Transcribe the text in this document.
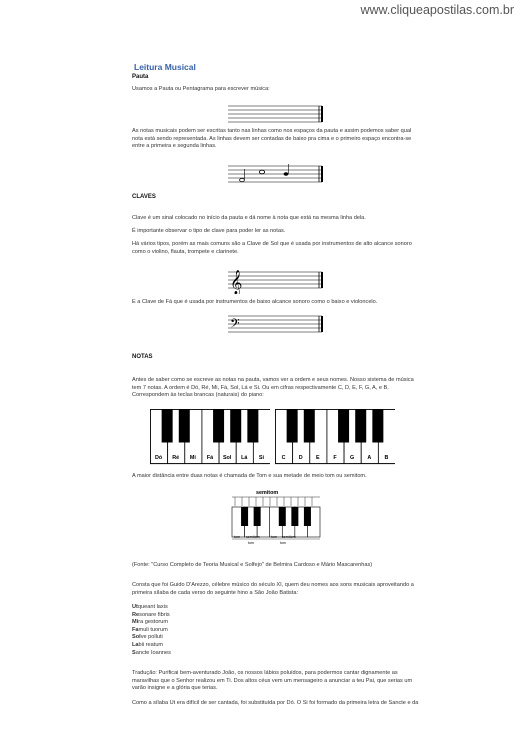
www.cliqueapostilas.com.br
Leitura Musical
Pauta
Usamos a Pauta ou Pentagrama para escrever música:
As notas musicais podem ser escritas tanto nas linhas como nos espaços da pauta e assim podemos saber qual nota está sendo representada. As linhas devem ser contadas de baixo pra cima e o primeiro espaço encontra-se entre a primeira e segunda linhas.
CLAVES
Clave é um sinal colocado no início da pauta e dá nome à nota que está na mesma linha dela.
É importante observar o tipo de clave para poder ler as notas.
Há vários tipos, porém as mais comuns são a Clave de Sol que é usada por instrumentos de alto alcance sonoro como o violino, flauta, trompete e clarinete.
𝄞
E a Clave de Fá que é usada por instrumentos de baixo alcance sonoro como o baixo e violoncelo.
𝄢
NOTAS
Antes de saber como se escreve as notas na pauta, vamos ver a ordem e seus nomes. Nosso sistema de música tem 7 notas. A ordem é Dó, Ré, Mi, Fá, Sol, Lá e Si. Ou em cifras respectivamente C, D, E, F, G, A, e B. Correspondem às teclas brancas (naturais) do piano:
Dó Ré Mi Fá Sol Lá Si	C D E	F G A B
A maior distância entre duas notas é chamada de Tom e sua metade de meio tom ou semitom.
semitom
tom semitom	tom semitom
tom	tom
(Fonte: "Curso Completo de Teoria Musical e Solfejo" de Belmira Cardoso e Mário Mascarenhas)
Consta que foi Guido D'Arezzo, célebre músico do século XI, quem deu nomes aos sons musicais aproveitando a primeira sílaba de cada verso do seguinte hino a São João Batista:
Utqueant laxis
Resonare fibris
Mira gestorum
Famuli tuorum
Solve polluti
Labii reatum
Sancte Ioannes
Tradução: Purificai bem-aventurado João, os nossos lábios poluídos, para podermos cantar dignamente as maravilhas que o Senhor realizou em Ti. Dos altos céus vem um mensageiro a anunciar a teu Pai, que serias um varão insigne e a glória que terias.
Como a sílaba Ut era difícil de ser cantada, foi substituída por Dó. O Si foi formado da primeira letra de Sancte e da
